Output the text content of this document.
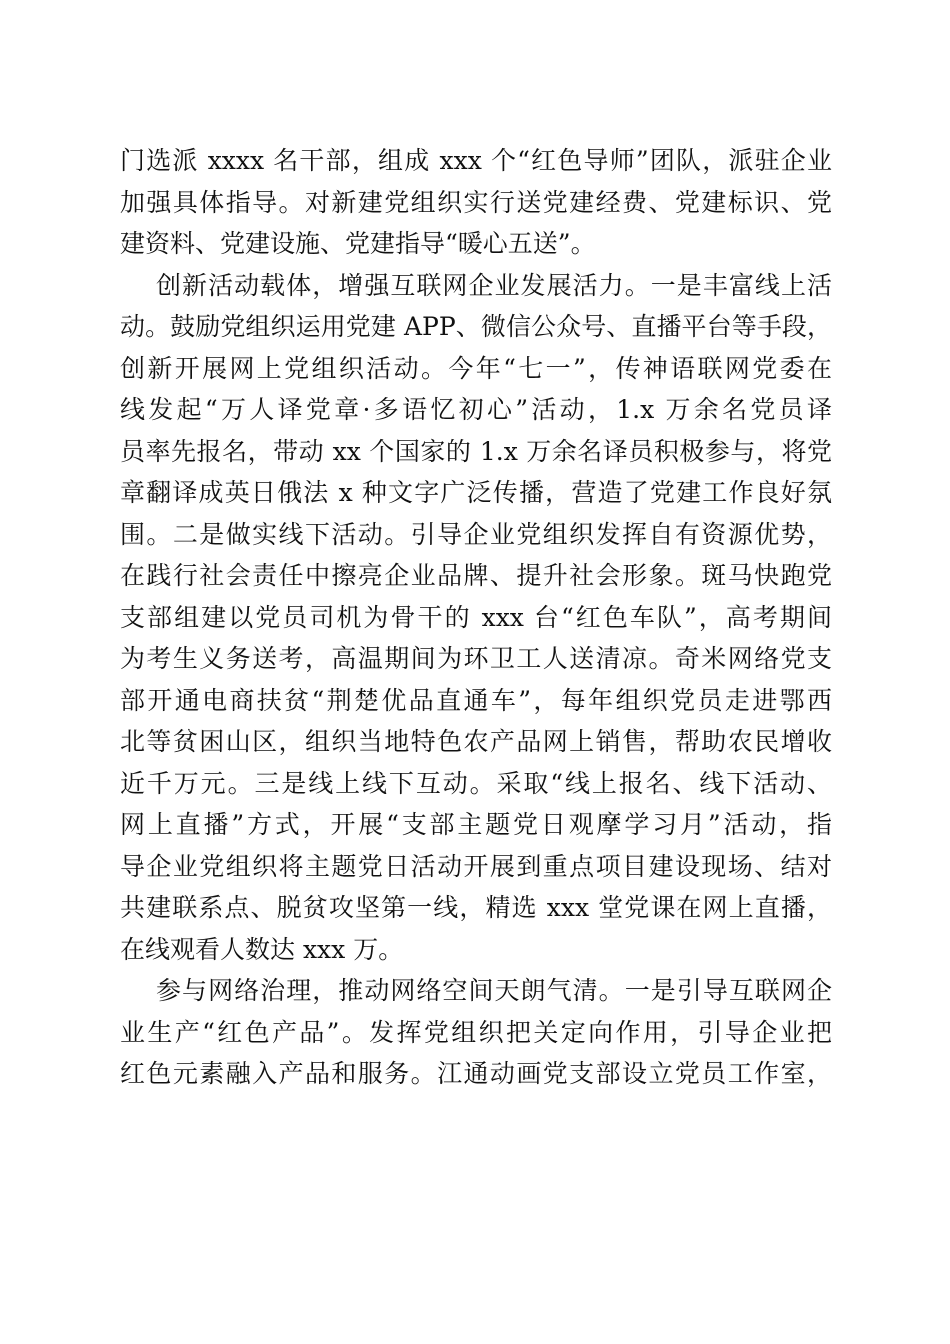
门选派 xxxx 名干部，组成 xxx 个“红色导师”团队，派驻企业
加强具体指导。对新建党组织实行送党建经费、党建标识、党
建资料、党建设施、党建指导“暖心五送”。
创新活动载体，增强互联网企业发展活力。一是丰富线上活
动。鼓励党组织运用党建 APP、微信公众号、直播平台等手段，
创新开展网上党组织活动。今年“七一”，传神语联网党委在
线发起“万人译党章·多语忆初心”活动，1.x 万余名党员译
员率先报名，带动 xx 个国家的 1.x 万余名译员积极参与，将党
章翻译成英日俄法 x 种文字广泛传播，营造了党建工作良好氛
围。二是做实线下活动。引导企业党组织发挥自有资源优势，
在践行社会责任中擦亮企业品牌、提升社会形象。斑马快跑党
支部组建以党员司机为骨干的 xxx 台“红色车队”，高考期间
为考生义务送考，高温期间为环卫工人送清凉。奇米网络党支
部开通电商扶贫“荆楚优品直通车”，每年组织党员走进鄂西
北等贫困山区，组织当地特色农产品网上销售，帮助农民增收
近千万元。三是线上线下互动。采取“线上报名、线下活动、
网上直播”方式，开展“支部主题党日观摩学习月”活动，指
导企业党组织将主题党日活动开展到重点项目建设现场、结对
共建联系点、脱贫攻坚第一线，精选 xxx 堂党课在网上直播，
在线观看人数达 xxx 万。
参与网络治理，推动网络空间天朗气清。一是引导互联网企
业生产“红色产品”。发挥党组织把关定向作用，引导企业把
红色元素融入产品和服务。江通动画党支部设立党员工作室，
